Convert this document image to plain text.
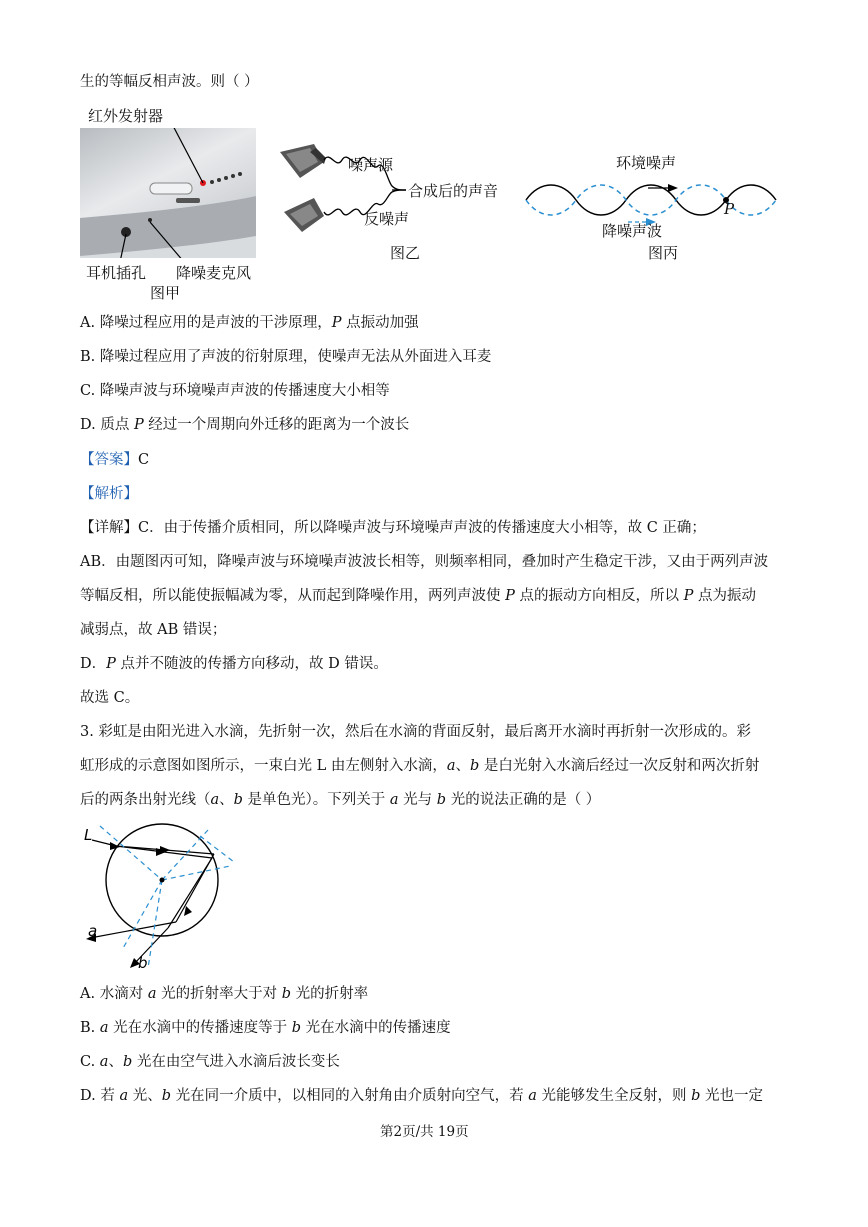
生的等幅反相声波。则（ ）
红外发射器
耳机插孔 降噪麦克风
图甲
噪声源
合成后的声音
反噪声
图乙
环境噪声
P
降噪声波
图丙
A. 降噪过程应用的是声波的干涉原理，P 点振动加强
B. 降噪过程应用了声波的衍射原理，使噪声无法从外面进入耳麦
C. 降噪声波与环境噪声声波的传播速度大小相等
D. 质点 P 经过一个周期向外迁移的距离为一个波长
【答案】C
【解析】
【详解】C．由于传播介质相同，所以降噪声波与环境噪声声波的传播速度大小相等，故 C 正确；
AB．由题图丙可知，降噪声波与环境噪声波波长相等，则频率相同，叠加时产生稳定干涉，又由于两列声波
等幅反相，所以能使振幅减为零，从而起到降噪作用，两列声波使 P 点的振动方向相反，所以 P 点为振动
减弱点，故 AB 错误；
D．P 点并不随波的传播方向移动，故 D 错误。
故选 C。
3. 彩虹是由阳光进入水滴，先折射一次，然后在水滴的背面反射，最后离开水滴时再折射一次形成的。彩
虹形成的示意图如图所示，一束白光 L 由左侧射入水滴，a、b 是白光射入水滴后经过一次反射和两次折射
后的两条出射光线（a、b 是单色光）。下列关于 a 光与 b 光的说法正确的是（ ）
L
a
b
A. 水滴对 a 光的折射率大于对 b 光的折射率
B. a 光在水滴中的传播速度等于 b 光在水滴中的传播速度
C. a、b 光在由空气进入水滴后波长变长
D. 若 a 光、b 光在同一介质中，以相同的入射角由介质射向空气，若 a 光能够发生全反射，则 b 光也一定
第2页/共 19页
